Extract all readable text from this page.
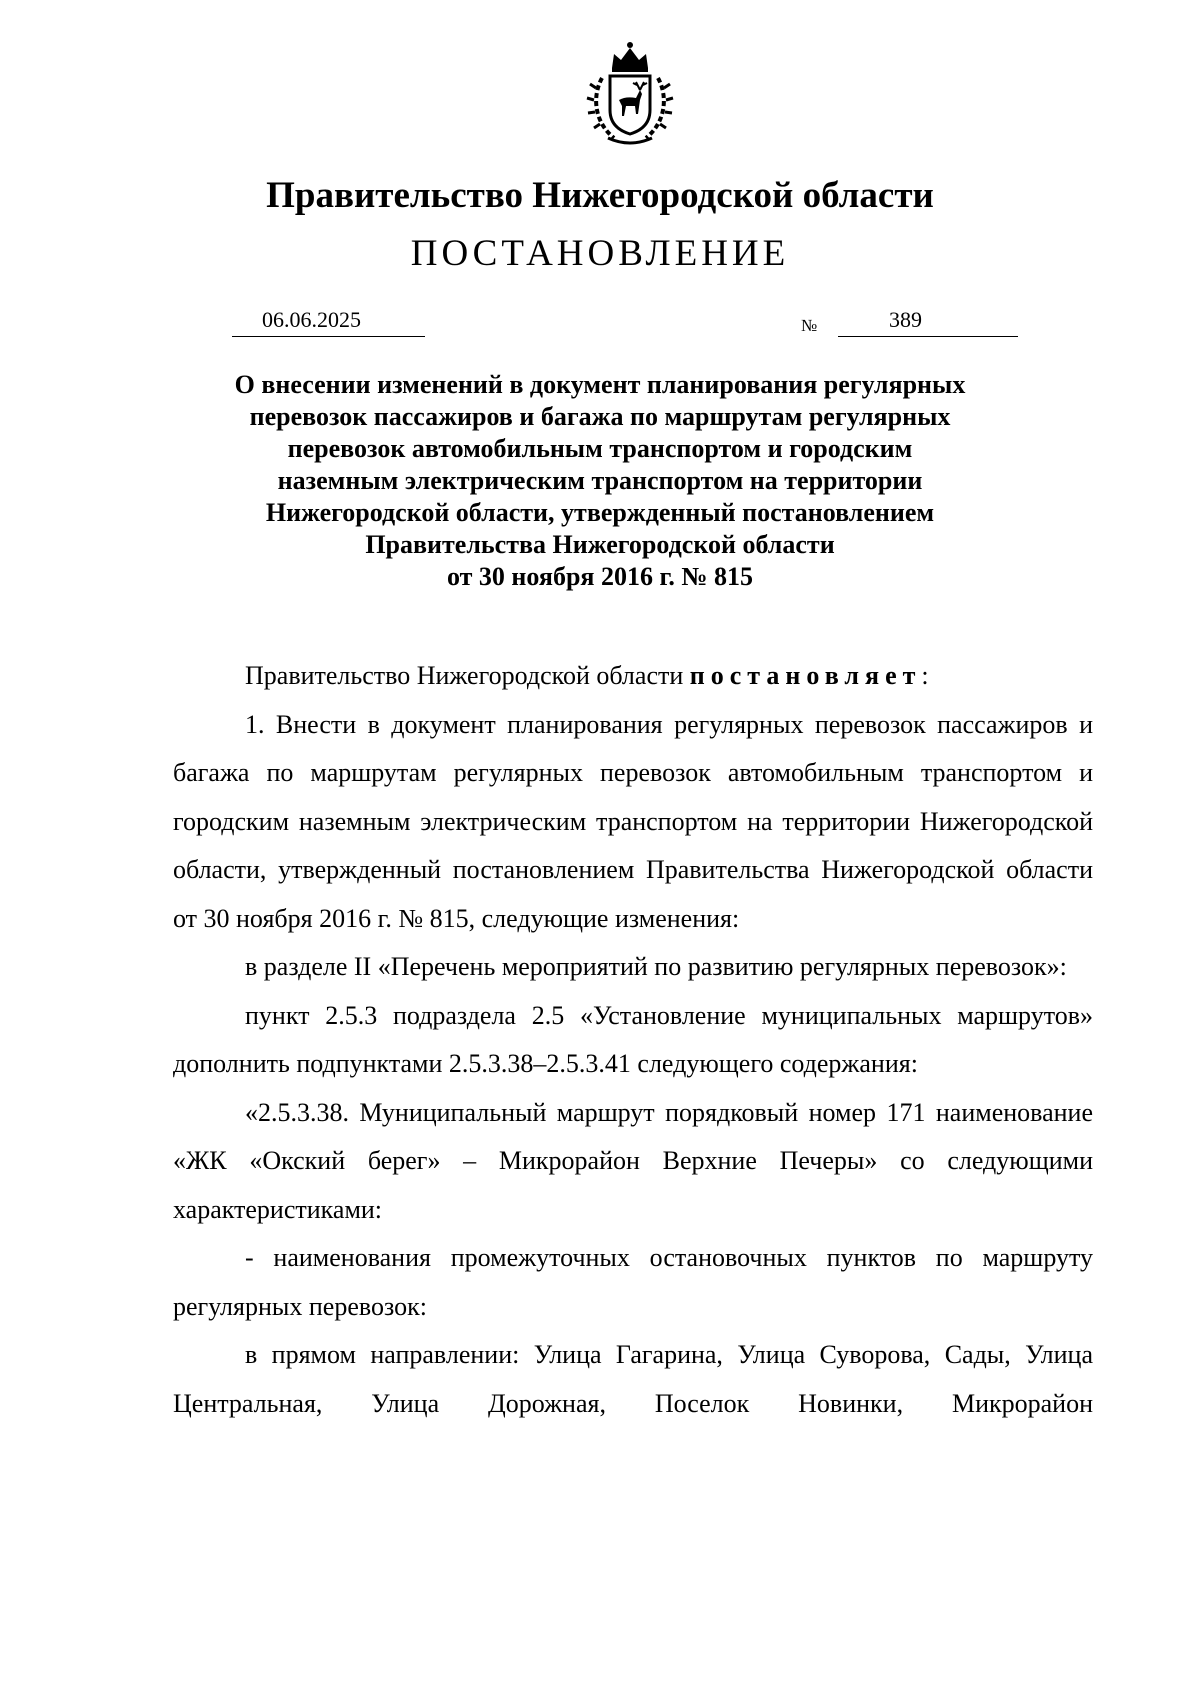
Правительство Нижегородской области
ПОСТАНОВЛЕНИЕ
06.06.2025	№	389
О внесении изменений в документ планирования регулярных
перевозок пассажиров и багажа по маршрутам регулярных
перевозок автомобильным транспортом и городским
наземным электрическим транспортом на территории
Нижегородской области, утвержденный постановлением
Правительства Нижегородской области
от 30 ноября 2016 г. № 815

Правительство Нижегородской области постановляет:

1. Внести в документ планирования регулярных перевозок пассажиров и багажа по маршрутам регулярных перевозок автомобильным транспортом и городским наземным электрическим транспортом на территории Нижегородской области, утвержденный постановлением Правительства Нижегородской области от 30 ноября 2016 г. № 815, следующие изменения:

в разделе II «Перечень мероприятий по развитию регулярных перевозок»:

пункт 2.5.3 подраздела 2.5 «Установление муниципальных маршрутов» дополнить подпунктами 2.5.3.38–2.5.3.41 следующего содержания:

«2.5.3.38. Муниципальный маршрут порядковый номер 171 наименование «ЖК «Окский берег» – Микрорайон Верхние Печеры» со следующими характеристиками:

- наименования промежуточных остановочных пунктов по маршруту регулярных перевозок:

в прямом направлении: Улица Гагарина, Улица Суворова, Сады, Улица Центральная, Улица Дорожная, Поселок Новинки, Микрорайон
